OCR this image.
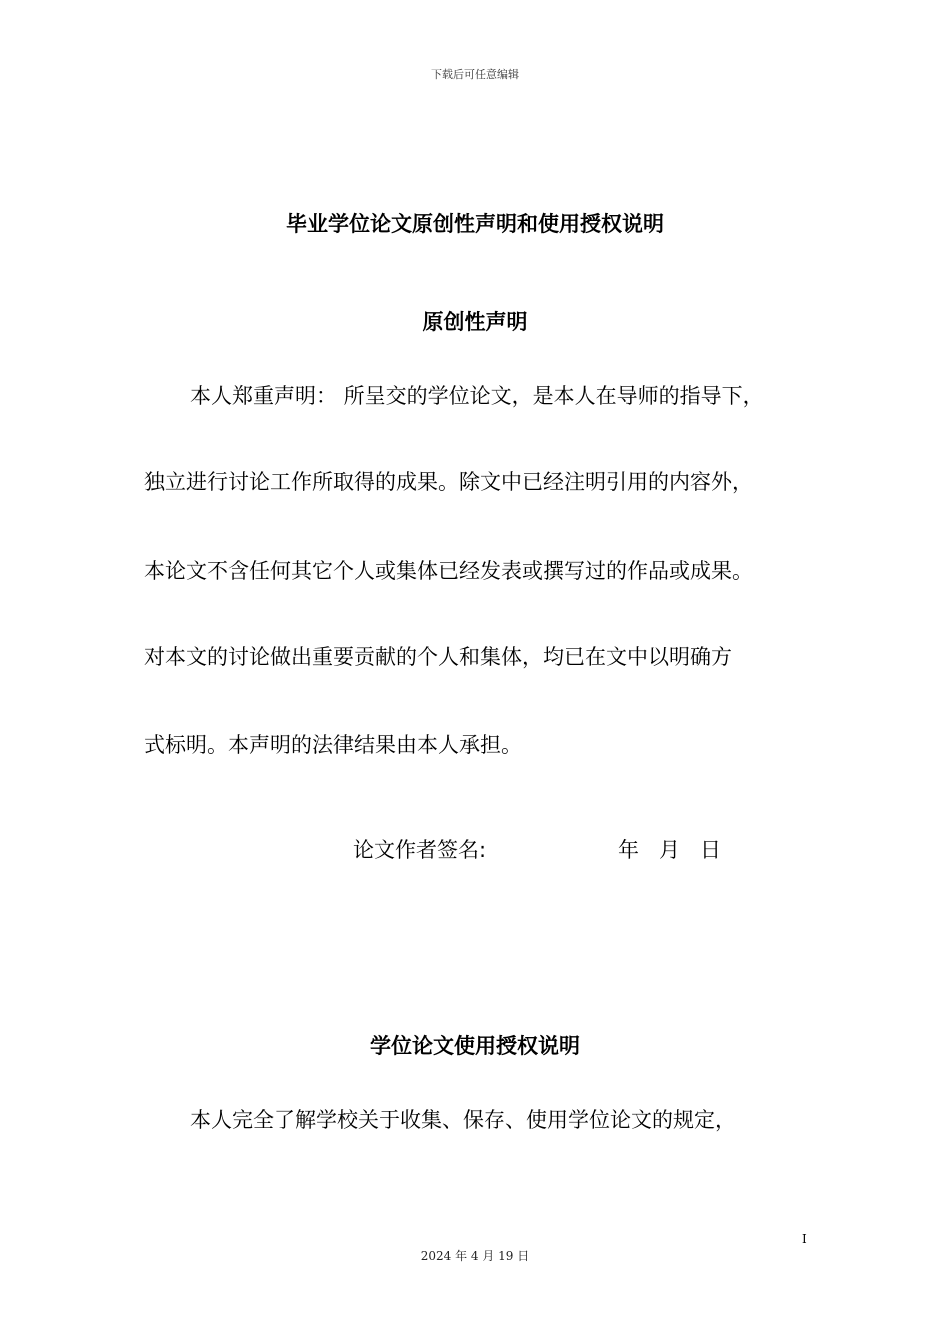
下载后可任意编辑
毕业学位论文原创性声明和使用授权说明
原创性声明
本人郑重声明： 所呈交的学位论文，是本人在导师的指导下，
独立进行讨论工作所取得的成果。除文中已经注明引用的内容外，
本论文不含任何其它个人或集体已经发表或撰写过的作品或成果。
对本文的讨论做出重要贡献的个人和集体，均已在文中以明确方
式标明。本声明的法律结果由本人承担。
论文作者签名:	年   月   日
学位论文使用授权说明
本人完全了解学校关于收集、保存、使用学位论文的规定，
I
2024 年 4 月 19 日
